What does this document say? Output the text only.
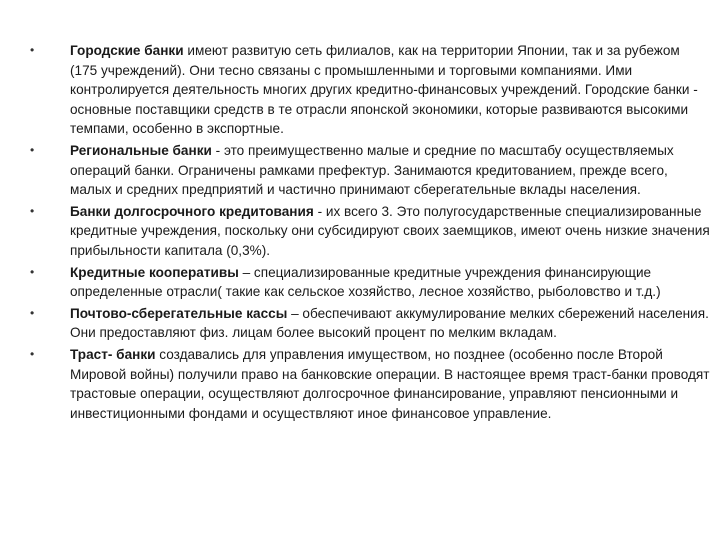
•	Городские банки имеют развитую сеть филиалов, как на территории Японии, так и за рубежом (175 учреждений). Они тесно связаны с промышленными и торговыми компаниями. Ими контролируется деятельность многих других кредитно-финансовых учреждений. Городские банки - основные поставщики средств в те отрасли японской экономики, которые развиваются высокими темпами, особенно в экспортные.
•	Региональные банки - это преимущественно малые и средние по масштабу осуществляемых операций банки. Ограничены рамками префектур. Занимаются кредитованием, прежде всего, малых и средних предприятий и частично принимают сберегательные вклады населения.
•	Банки долгосрочного кредитования - их всего 3. Это полугосударственные специализированные кредитные учреждения, поскольку они субсидируют своих заемщиков, имеют очень низкие значения прибыльности капитала (0,3%).
•	Кредитные кооперативы – специализированные кредитные учреждения финансирующие определенные отрасли( такие как сельское хозяйство, лесное хозяйство, рыболовство и т.д.)
•	Почтово-сберегательные кассы – обеспечивают аккумулирование мелких сбережений населения. Они предоставляют физ. лицам более высокий процент по мелким вкладам.
•	Траст- банки создавались для управления имуществом, но позднее (особенно после Второй Мировой войны) получили право на банковские операции. В настоящее время траст-банки проводят трастовые операции, осуществляют долгосрочное финансирование, управляют пенсионными и инвестиционными фондами и осуществляют иное финансовое управление.
